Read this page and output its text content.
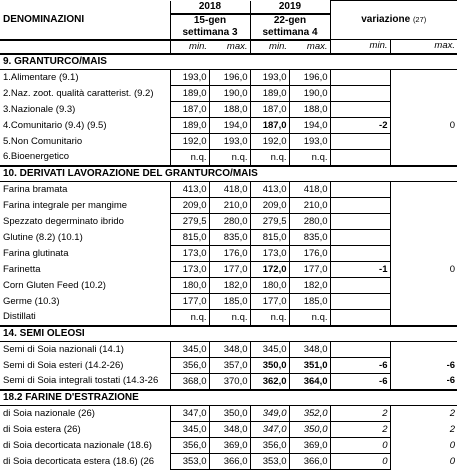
DENOMINAZIONI	2018		2019		variazione (27)	
	15-gen		22-gen			
	settimana 3		settimana 4			
	min.	max.	min.	max.	min.	max.
9. GRANTURCO/MAIS						
1.Alimentare (9.1)	193,0	196,0	193,0	196,0		
2.Naz. zoot. qualità caratterist. (9.2)	189,0	190,0	189,0	190,0		
3.Nazionale (9.3)	187,0	188,0	187,0	188,0		
4.Comunitario (9.4) (9.5)	189,0	194,0	187,0	194,0	-2	0
5.Non Comunitario	192,0	193,0	192,0	193,0		
6.Bioenergetico	n.q.	n.q.	n.q.	n.q.		
10. DERIVATI LAVORAZIONE DEL GRANTURCO/MAIS						
Farina bramata	413,0	418,0	413,0	418,0		
Farina integrale per mangime	209,0	210,0	209,0	210,0		
Spezzato degerminato ibrido	279,5	280,0	279,5	280,0		
Glutine (8.2) (10.1)	815,0	835,0	815,0	835,0		
Farina glutinata	173,0	176,0	173,0	176,0		
Farinetta	173,0	177,0	172,0	177,0	-1	0
Corn Gluten Feed (10.2)	180,0	182,0	180,0	182,0		
Germe (10.3)	177,0	185,0	177,0	185,0		
Distillati	n.q.	n.q.	n.q.	n.q.		
14. SEMI OLEOSI						
Semi di Soia nazionali (14.1)	345,0	348,0	345,0	348,0		
Semi di Soia esteri (14.2-26)	356,0	357,0	350,0	351,0	-6	-6
Semi di Soia integrali tostati (14.3-26	368,0	370,0	362,0	364,0	-6	-6
18.2 FARINE D'ESTRAZIONE						
di Soia nazionale (26)	347,0	350,0	349,0	352,0	2	2
di Soia estera (26)	345,0	348,0	347,0	350,0	2	2
di Soia decorticata nazionale (18.6)	356,0	369,0	356,0	369,0	0	0
di Soia decorticata estera (18.6) (26	353,0	366,0	353,0	366,0	0	0
